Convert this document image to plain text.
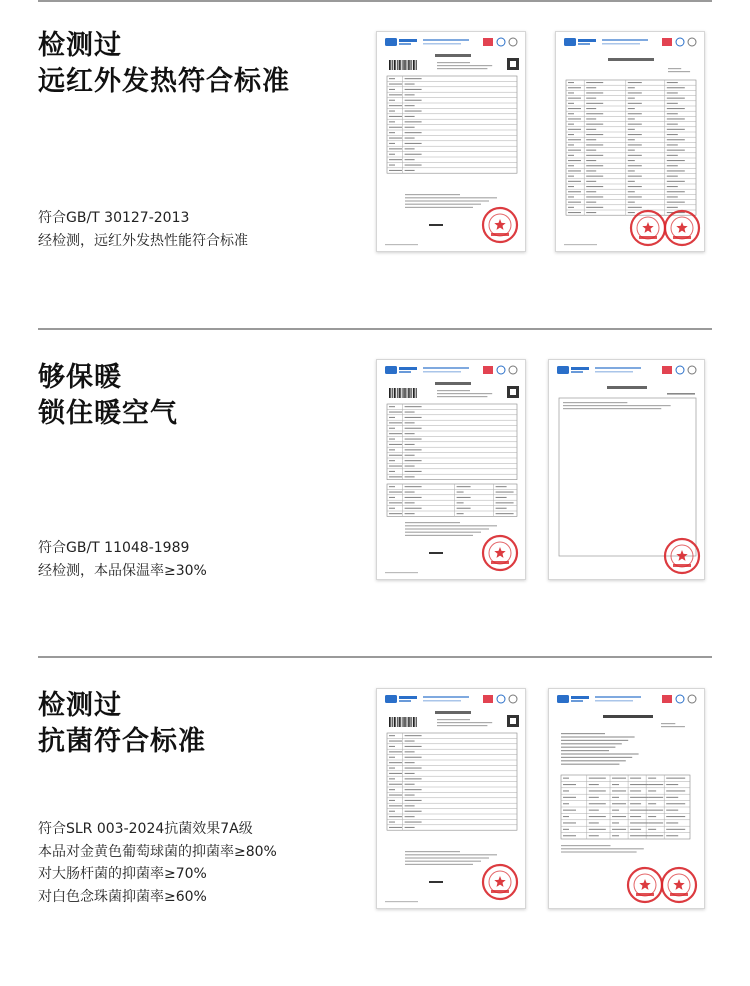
检测过
远红外发热符合标准
符合GB/T 30127-2013
经检测，远红外发热性能符合标准
够保暖
锁住暖空气
符合GB/T 11048-1989
经检测，本品保温率≥30%
检测过
抗菌符合标准
符合SLR 003-2024抗菌效果7A级
本品对金黄色葡萄球菌的抑菌率≥80%
对大肠杆菌的抑菌率≥70%
对白色念珠菌抑菌率≥60%
